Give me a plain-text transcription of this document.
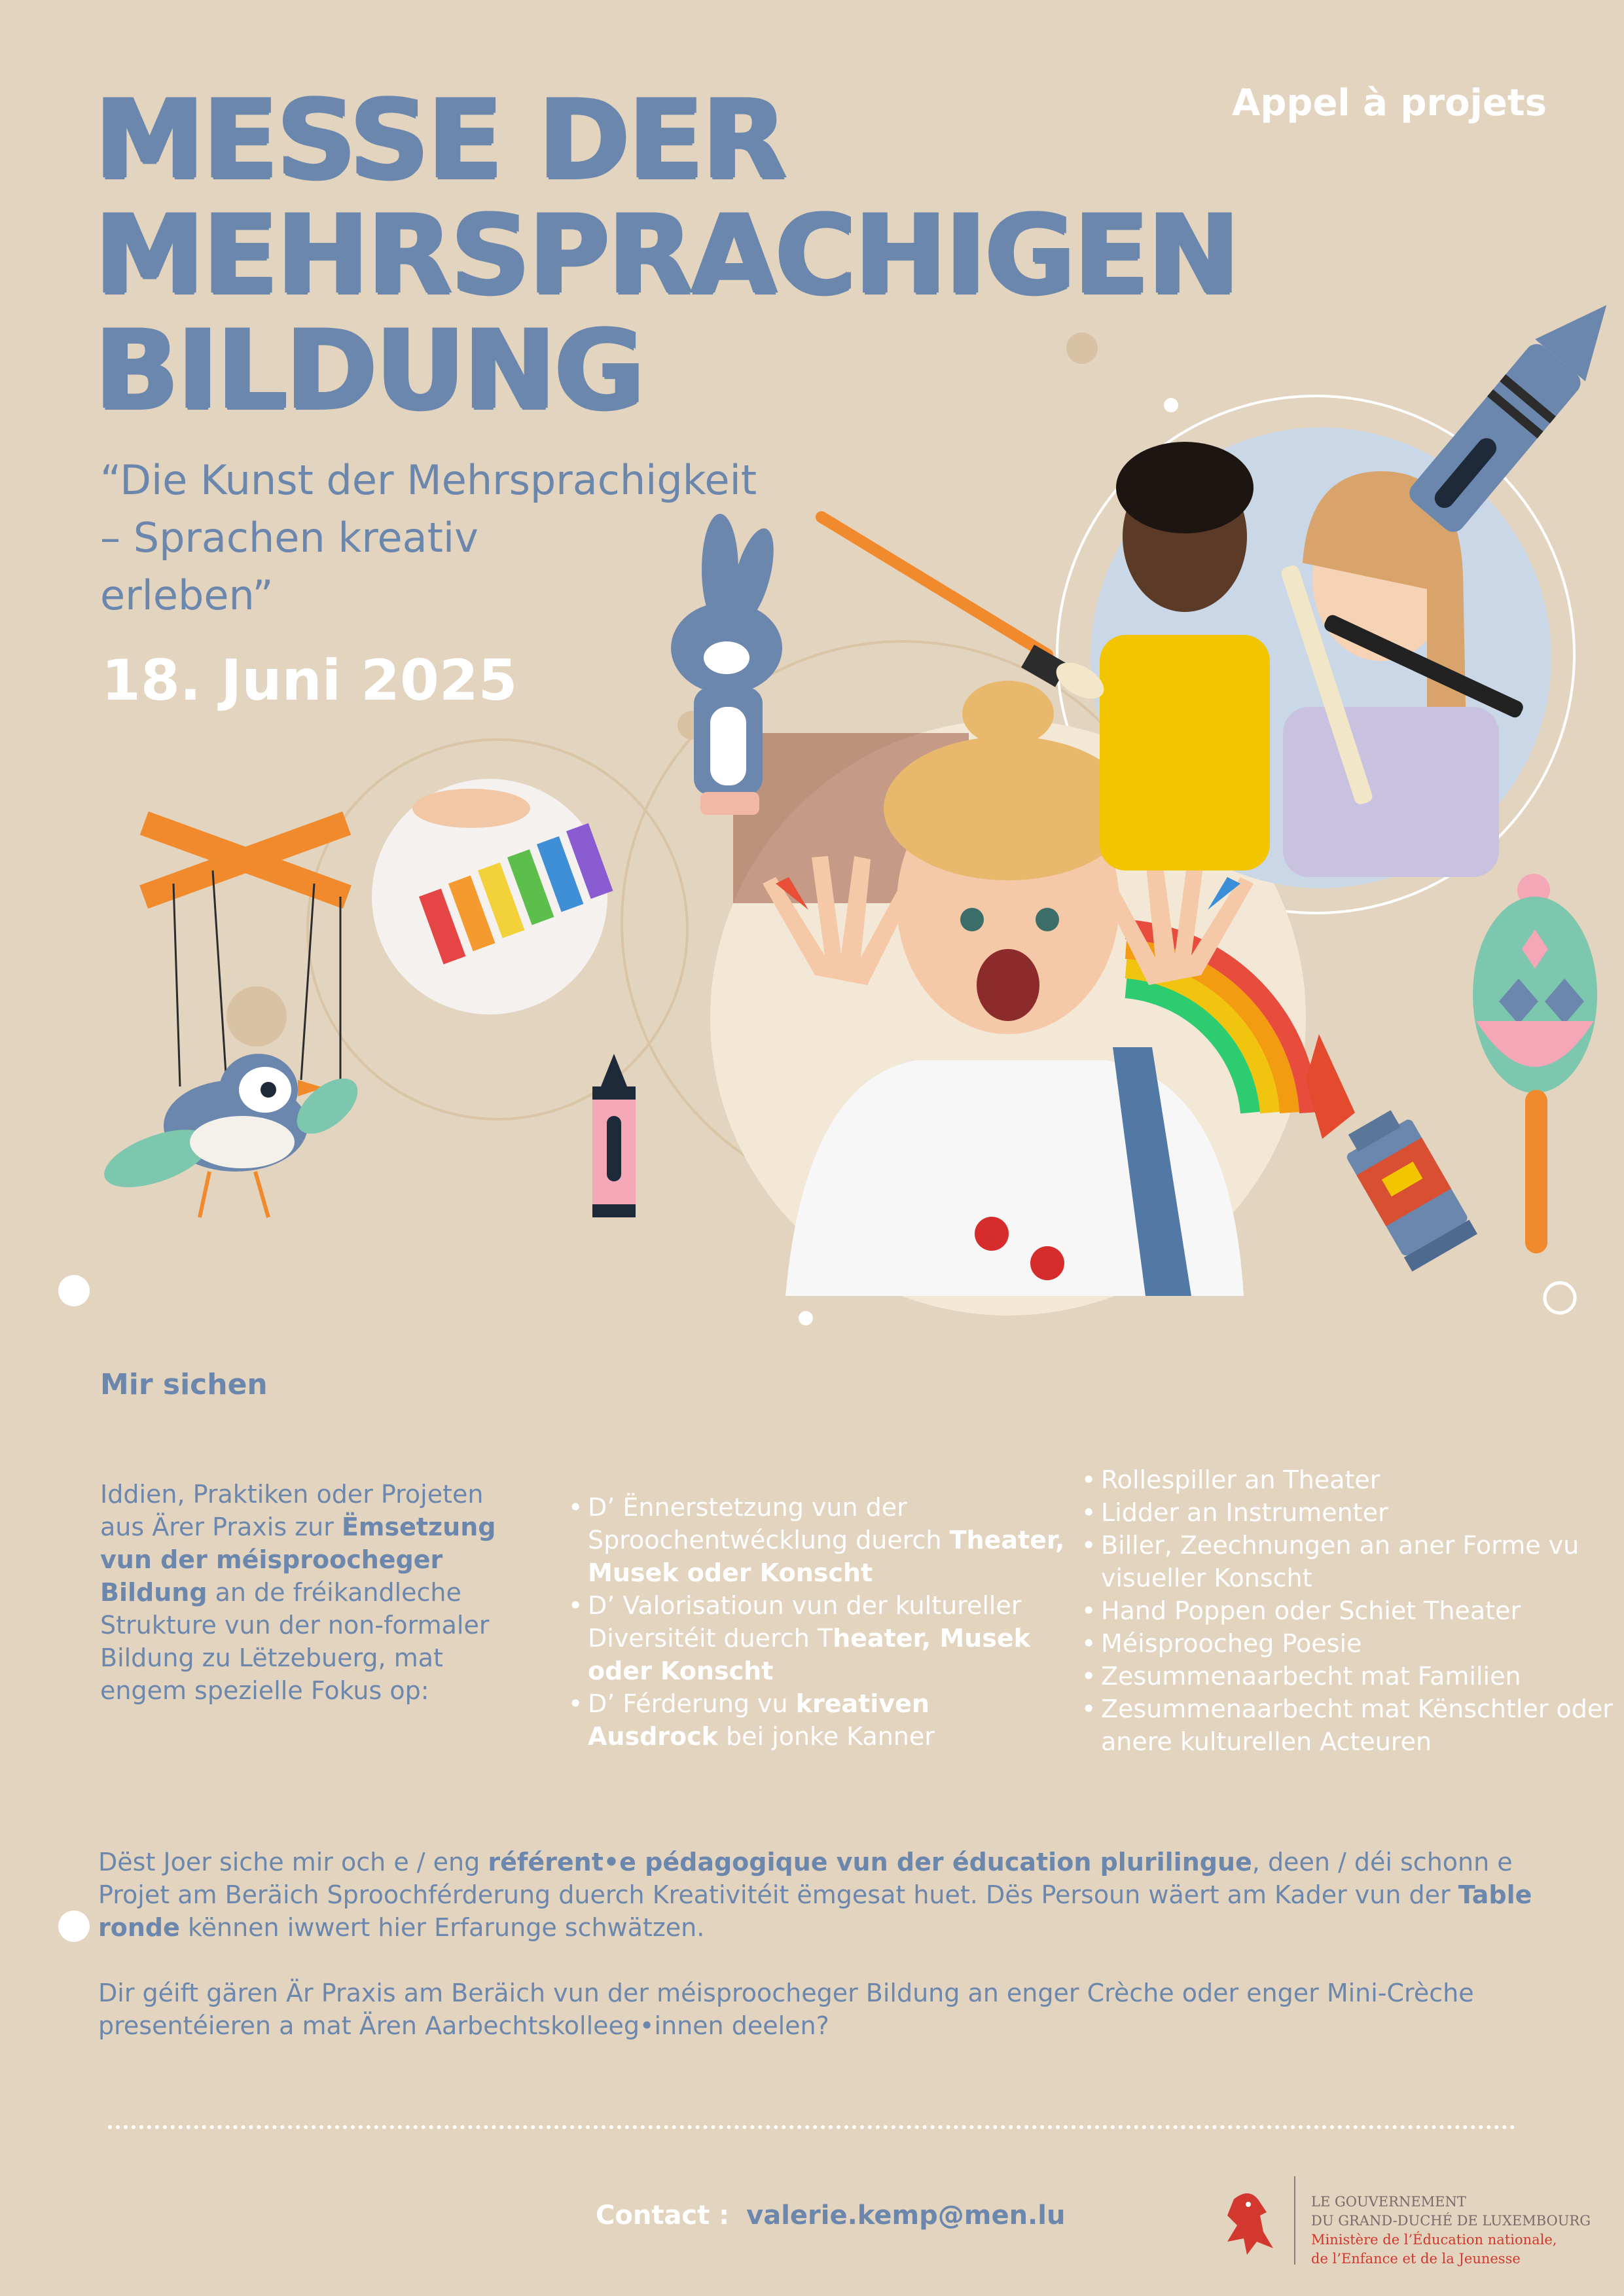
MESSE DER
MEHRSPRACHIGEN
BILDUNG
Appel à projets
“Die Kunst der Mehrsprachigkeit
– Sprachen kreativ
erleben”
18. Juni 2025
Mir sichen
Iddien, Praktiken oder Projeten aus Ärer Praxis zur Ëmsetzung vun der méisproocheger Bildung an de fréikandleche Strukture vun der non-formaler Bildung zu Lëtzebuerg, mat engem spezielle Fokus op:
• D’ Ënnerstetzung vun der Sproochentwécklung duerch Theater, Musek oder Konscht
• D’ Valorisatioun vun der kultureller Diversitéit duerch Theater, Musek oder Konscht
• D’ Férderung vu kreativen Ausdrock bei jonke Kanner
• Rollespiller an Theater
• Lidder an Instrumenter
• Biller, Zeechnungen an aner Forme vu visueller Konscht
• Hand Poppen oder Schiet Theater
• Méisproocheg Poesie
• Zesummenaarbecht mat Familien
• Zesummenaarbecht mat Kënschtler oder anere kulturellen Acteuren

Dëst Joer siche mir och e / eng référent•e pédagogique vun der éducation plurilingue, deen / déi schonn e Projet am Beräich Sproochférderung duerch Kreativitéit ëmgesat huet. Dës Persoun wäert am Kader vun der Table ronde kënnen iwwert hier Erfarunge schwätzen.

Dir géift gären Är Praxis am Beräich vun der méisproocheger Bildung an enger Crèche oder enger Mini-Crèche presentéieren a mat Ären Aarbechtskolleeg•innen deelen?

Contact : valerie.kemp@men.lu	LE GOUVERNEMENT
DU GRAND-DUCHÉ DE LUXEMBOURG
Ministère de l’Éducation nationale,
de l’Enfance et de la Jeunesse
